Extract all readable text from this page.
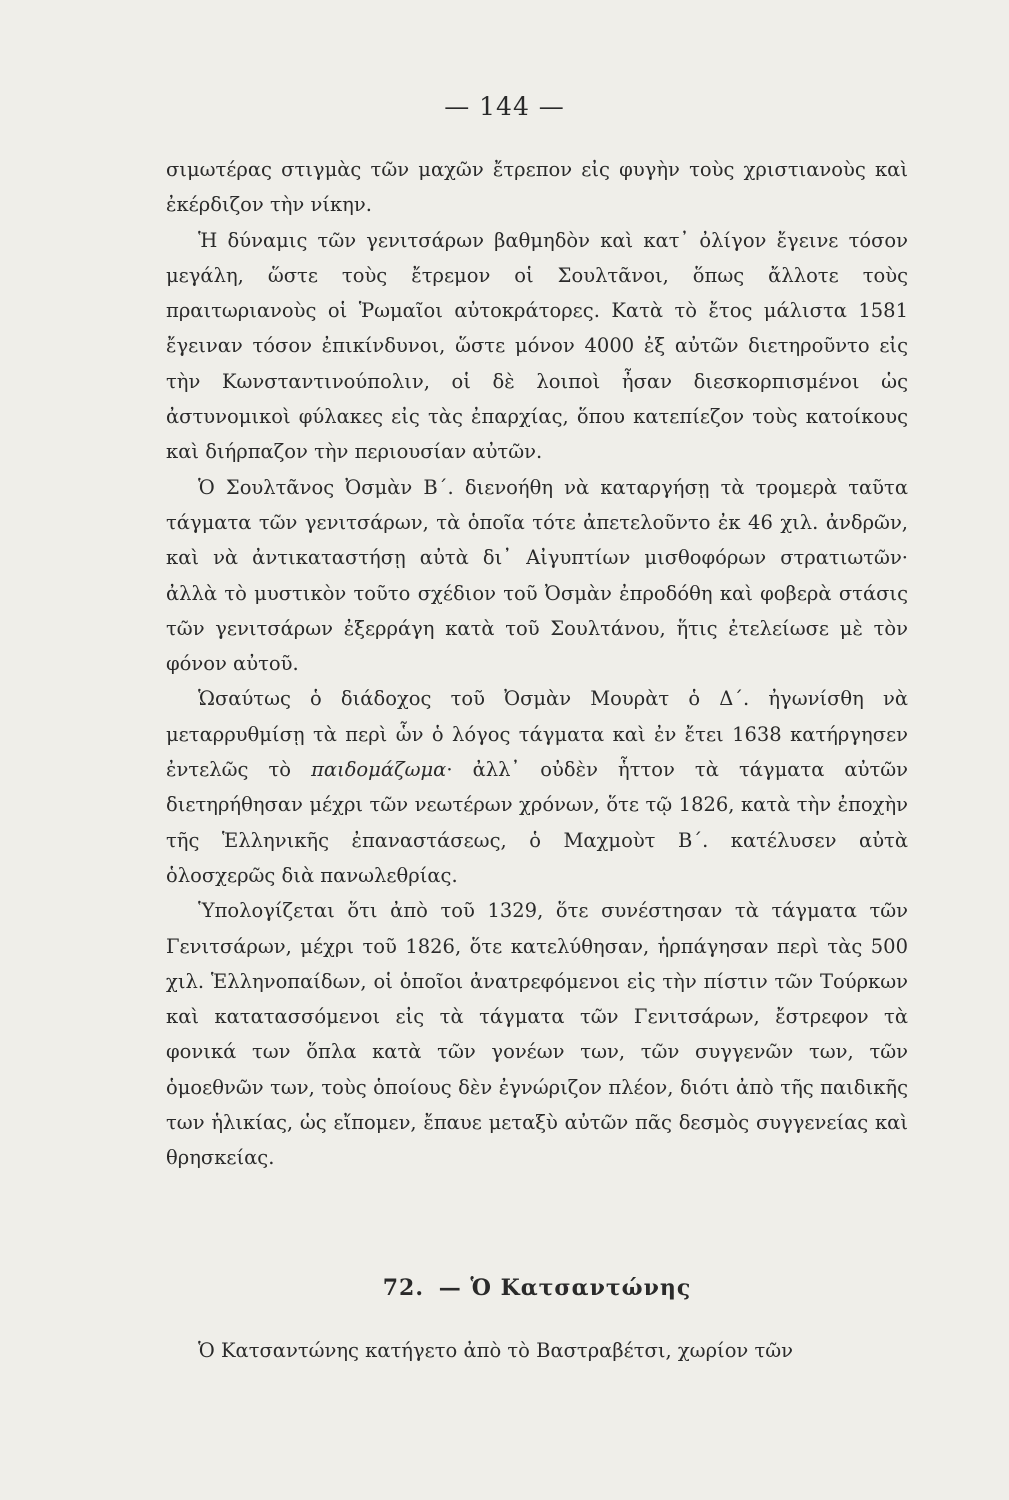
— 144 —

σιμωτέρας στιγμὰς τῶν μαχῶν ἔτρεπον εἰς φυγὴν τοὺς χριστιανοὺς καὶ ἐκέρδιζον τὴν νίκην.

Ἡ δύναμις τῶν γενιτσάρων βαθμηδὸν καὶ κατ᾽ ὀλίγον ἔγεινε τόσον μεγάλη, ὥστε τοὺς ἔτρεμον οἱ Σουλτᾶνοι, ὅπως ἄλλοτε τοὺς πραιτωριανοὺς οἱ Ῥωμαῖοι αὐτοκράτορες. Κατὰ τὸ ἔτος μάλιστα 1581 ἔγειναν τόσον ἐπικίνδυνοι, ὥστε μόνον 4000 ἐξ αὐτῶν διετηροῦντο εἰς τὴν Κωνσταντινούπολιν, οἱ δὲ λοιποὶ ἦσαν διεσκορπισμένοι ὡς ἀστυνομικοὶ φύλακες εἰς τὰς ἐπαρχίας, ὅπου κατεπίεζον τοὺς κατοίκους καὶ διήρπαζον τὴν περιουσίαν αὐτῶν.

Ὁ Σουλτᾶνος Ὀσμὰν Β΄. διενοήθη νὰ καταργήσῃ τὰ τρομερὰ ταῦτα τάγματα τῶν γενιτσάρων, τὰ ὁποῖα τότε ἀπετελοῦντο ἐκ 46 χιλ. ἀνδρῶν, καὶ νὰ ἀντικαταστήσῃ αὐτὰ δι᾽ Αἰγυπτίων μισθοφόρων στρατιωτῶν· ἀλλὰ τὸ μυστικὸν τοῦτο σχέδιον τοῦ Ὀσμὰν ἐπροδόθη καὶ φοβερὰ στάσις τῶν γενιτσάρων ἐξερράγη κατὰ τοῦ Σουλτάνου, ἥτις ἐτελείωσε μὲ τὸν φόνον αὐτοῦ.

Ὡσαύτως ὁ διάδοχος τοῦ Ὀσμὰν Μουρὰτ ὁ Δ΄. ἠγωνίσθη νὰ μεταρρυθμίσῃ τὰ περὶ ὧν ὁ λόγος τάγματα καὶ ἐν ἔτει 1638 κατήργησεν ἐντελῶς τὸ παιδομάζωμα· ἀλλ᾽ οὐδὲν ἧττον τὰ τάγματα αὐτῶν διετηρήθησαν μέχρι τῶν νεωτέρων χρόνων, ὅτε τῷ 1826, κατὰ τὴν ἐποχὴν τῆς Ἑλληνικῆς ἐπαναστάσεως, ὁ Μαχμοὺτ Β΄. κατέλυσεν αὐτὰ ὁλοσχερῶς διὰ πανωλεθρίας.

Ὑπολογίζεται ὅτι ἀπὸ τοῦ 1329, ὅτε συνέστησαν τὰ τάγματα τῶν Γενιτσάρων, μέχρι τοῦ 1826, ὅτε κατελύθησαν, ἡρπάγησαν περὶ τὰς 500 χιλ. Ἑλληνοπαίδων, οἱ ὁποῖοι ἀνατρεφόμενοι εἰς τὴν πίστιν τῶν Τούρκων καὶ κατατασσόμενοι εἰς τὰ τάγματα τῶν Γενιτσάρων, ἔστρεφον τὰ φονικά των ὅπλα κατὰ τῶν γονέων των, τῶν συγγενῶν των, τῶν ὁμοεθνῶν των, τοὺς ὁποίους δὲν ἐγνώριζον πλέον, διότι ἀπὸ τῆς παιδικῆς των ἡλικίας, ὡς εἴπομεν, ἔπαυε μεταξὺ αὐτῶν πᾶς δεσμὸς συγγενείας καὶ θρησκείας.

72. — Ὁ Κατσαντώνης

Ὁ Κατσαντώνης κατήγετο ἀπὸ τὸ Βαστραβέτσι, χωρίον τῶν
